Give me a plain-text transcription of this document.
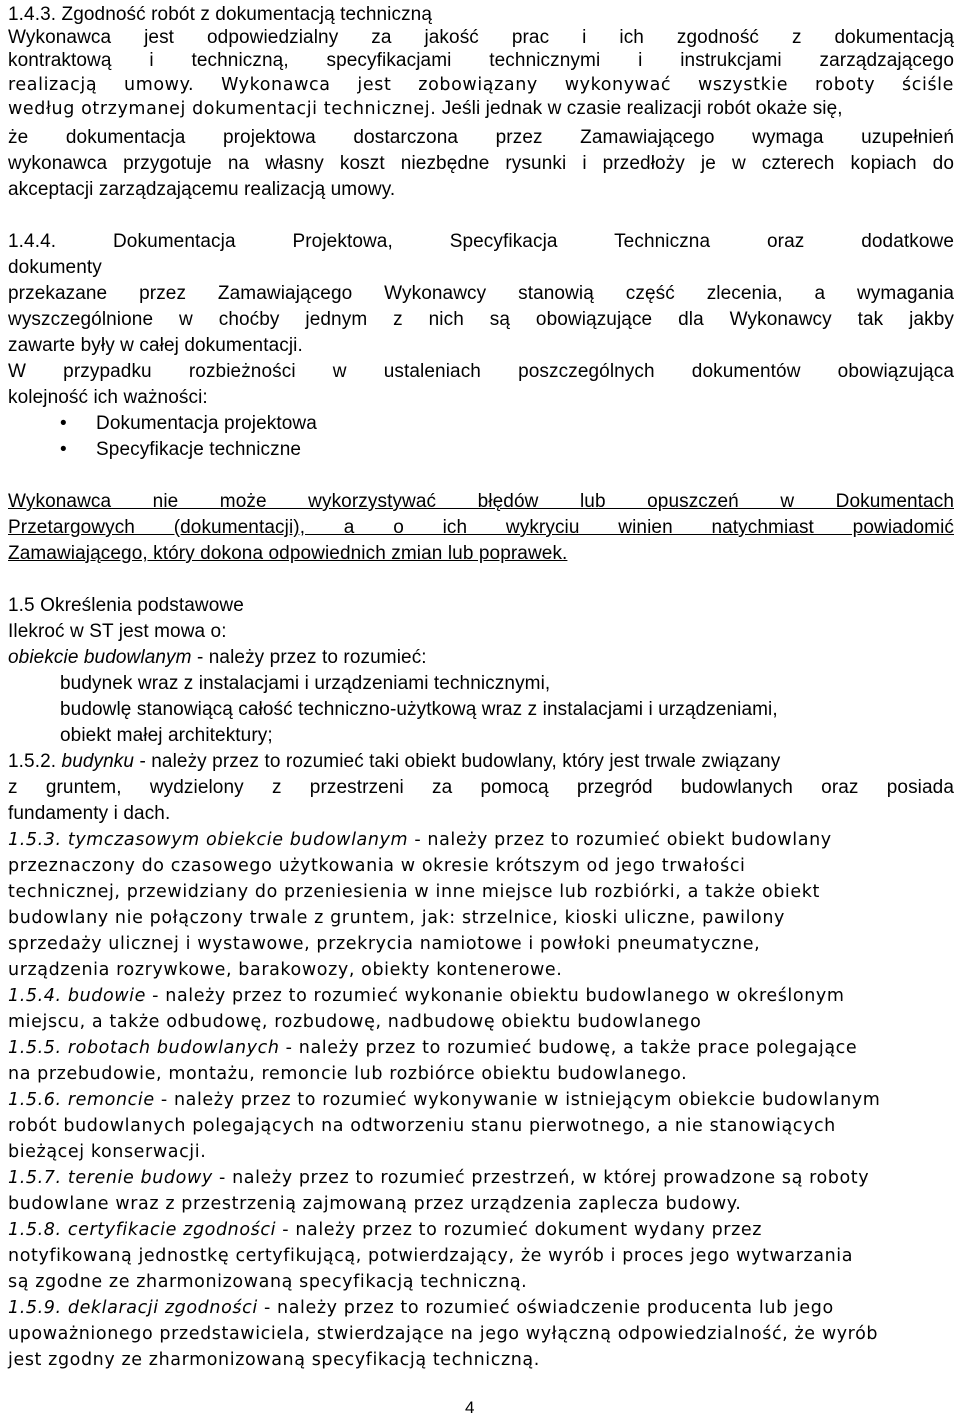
1.4.3. Zgodność robót z dokumentacją techniczną
Wykonawca jest odpowiedzialny za jakość prac i ich zgodność z dokumentacją
kontraktową i techniczną, specyfikacjami technicznymi i instrukcjami zarządzającego
realizacją umowy. Wykonawca jest zobowiązany wykonywać wszystkie roboty ściśle
według otrzymanej dokumentacji technicznej. Jeśli jednak w czasie realizacji robót okaże się,
że dokumentacja projektowa dostarczona przez Zamawiającego wymaga uzupełnień
wykonawca przygotuje na własny koszt niezbędne rysunki i przedłoży je w czterech kopiach do
akceptacji zarządzającemu realizacją umowy.
1.4.4. Dokumentacja Projektowa, Specyfikacja Techniczna oraz dodatkowe
dokumenty
przekazane przez Zamawiającego Wykonawcy stanowią część zlecenia, a wymagania
wyszczególnione w choćby jednym z nich są obowiązujące dla Wykonawcy tak jakby
zawarte były w całej dokumentacji.
W przypadku rozbieżności w ustaleniach poszczególnych dokumentów obowiązująca
kolejność ich ważności:
• Dokumentacja projektowa
• Specyfikacje techniczne
Wykonawca nie może wykorzystywać błędów lub opuszczeń w Dokumentach
Przetargowych (dokumentacji), a o ich wykryciu winien natychmiast powiadomić
Zamawiającego, który dokona odpowiednich zmian lub poprawek.
1.5 Określenia podstawowe
Ilekroć w ST jest mowa o:
obiekcie budowlanym - należy przez to rozumieć:
budynek wraz z instalacjami i urządzeniami technicznymi,
budowlę stanowiącą całość techniczno-użytkową wraz z instalacjami i urządzeniami,
obiekt małej architektury;
1.5.2. budynku - należy przez to rozumieć taki obiekt budowlany, który jest trwale związany
z gruntem, wydzielony z przestrzeni za pomocą przegród budowlanych oraz posiada
fundamenty i dach.
1.5.3. tymczasowym obiekcie budowlanym - należy przez to rozumieć obiekt budowlany
przeznaczony do czasowego użytkowania w okresie krótszym od jego trwałości
technicznej, przewidziany do przeniesienia w inne miejsce lub rozbiórki, a także obiekt
budowlany nie połączony trwale z gruntem, jak: strzelnice, kioski uliczne, pawilony
sprzedaży ulicznej i wystawowe, przekrycia namiotowe i powłoki pneumatyczne,
urządzenia rozrywkowe, barakowozy, obiekty kontenerowe.
1.5.4. budowie - należy przez to rozumieć wykonanie obiektu budowlanego w określonym
miejscu, a także odbudowę, rozbudowę, nadbudowę obiektu budowlanego
1.5.5. robotach budowlanych - należy przez to rozumieć budowę, a także prace polegające
na przebudowie, montażu, remoncie lub rozbiórce obiektu budowlanego.
1.5.6. remoncie - należy przez to rozumieć wykonywanie w istniejącym obiekcie budowlanym
robót budowlanych polegających na odtworzeniu stanu pierwotnego, a nie stanowiących
bieżącej konserwacji.
1.5.7. terenie budowy - należy przez to rozumieć przestrzeń, w której prowadzone są roboty
budowlane wraz z przestrzenią zajmowaną przez urządzenia zaplecza budowy.
1.5.8. certyfikacie zgodności - należy przez to rozumieć dokument wydany przez
notyfikowaną jednostkę certyfikującą, potwierdzający, że wyrób i proces jego wytwarzania
są zgodne ze zharmonizowaną specyfikacją techniczną.
1.5.9. deklaracji zgodności - należy przez to rozumieć oświadczenie producenta lub jego
upoważnionego przedstawiciela, stwierdzające na jego wyłączną odpowiedzialność, że wyrób
jest zgodny ze zharmonizowaną specyfikacją techniczną.
4
